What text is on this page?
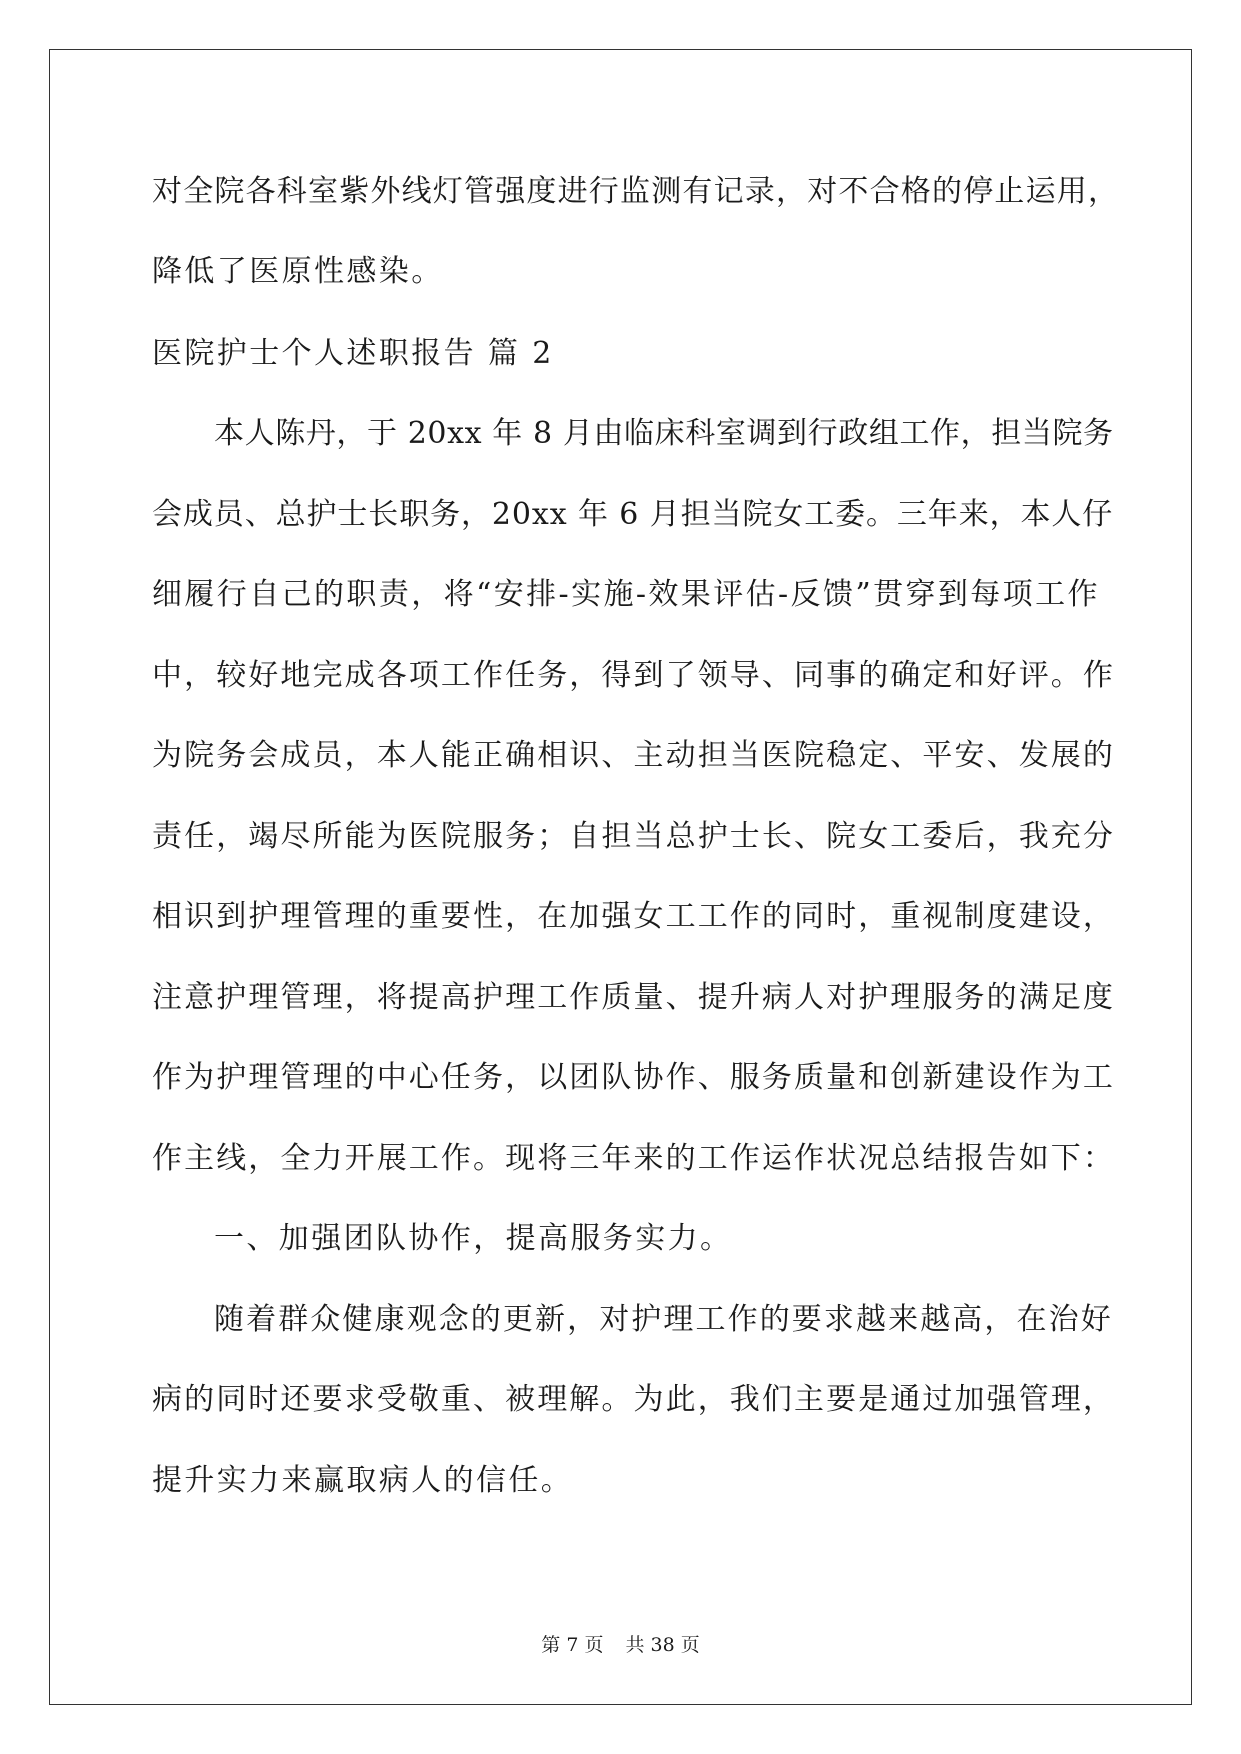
对全院各科室紫外线灯管强度进行监测有记录，对不合格的停止运用，
降低了医原性感染。
医院护士个人述职报告 篇 2
本人陈丹，于 20xx 年 8 月由临床科室调到行政组工作，担当院务
会成员、总护士长职务，20xx 年 6 月担当院女工委。三年来，本人仔
细履行自己的职责，将“安排-实施-效果评估-反馈”贯穿到每项工作
中，较好地完成各项工作任务，得到了领导、同事的确定和好评。作
为院务会成员，本人能正确相识、主动担当医院稳定、平安、发展的
责任，竭尽所能为医院服务；自担当总护士长、院女工委后，我充分
相识到护理管理的重要性，在加强女工工作的同时，重视制度建设，
注意护理管理，将提高护理工作质量、提升病人对护理服务的满足度
作为护理管理的中心任务，以团队协作、服务质量和创新建设作为工
作主线，全力开展工作。现将三年来的工作运作状况总结报告如下：
一、加强团队协作，提高服务实力。
随着群众健康观念的更新，对护理工作的要求越来越高，在治好
病的同时还要求受敬重、被理解。为此，我们主要是通过加强管理，
提升实力来赢取病人的信任。
第 7 页 共 38 页
